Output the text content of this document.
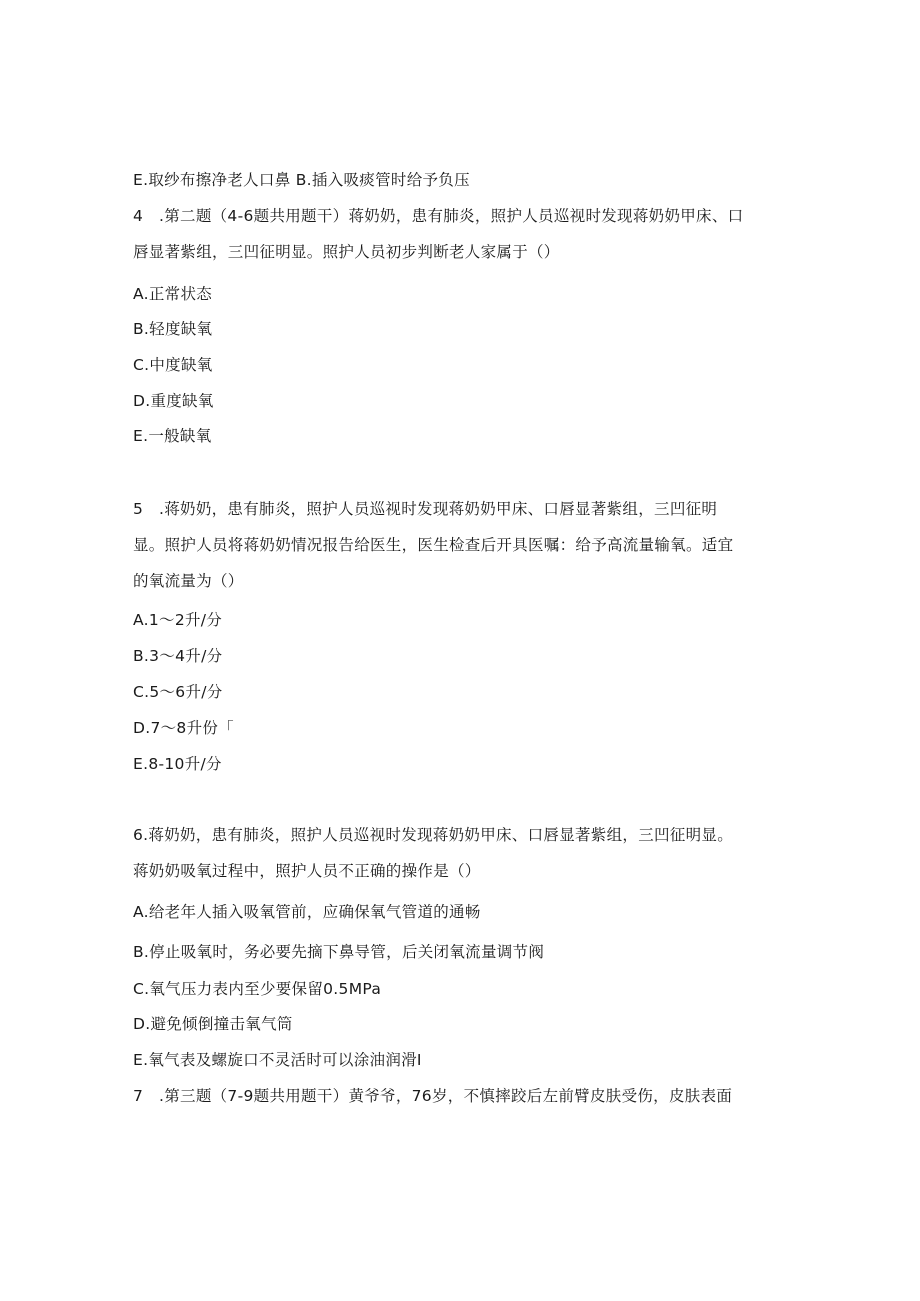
E.取纱布擦净老人口鼻 B.插入吸痰管时给予负压
4 .第二题（4-6题共用题干）蒋奶奶，患有肺炎，照护人员巡视时发现蒋奶奶甲床、口
唇显著紫组，三凹征明显。照护人员初步判断老人家属于（）
A.正常状态
B.轻度缺氧
C.中度缺氧
D.重度缺氧
E.一般缺氧
5 .蒋奶奶，患有肺炎，照护人员巡视时发现蒋奶奶甲床、口唇显著紫组，三凹征明
显。照护人员将蒋奶奶情况报告给医生，医生检查后开具医嘱：给予高流量输氧。适宜
的氧流量为（）
A.1～2升/分
B.3～4升/分
C.5～6升/分
D.7～8升份「
E.8-10升/分
6.蒋奶奶，患有肺炎，照护人员巡视时发现蒋奶奶甲床、口唇显著紫组，三凹征明显。
蒋奶奶吸氧过程中，照护人员不正确的操作是（）
A.给老年人插入吸氧管前，应确保氧气管道的通畅
B.停止吸氧时，务必要先摘下鼻导管，后关闭氧流量调节阀
C.氧气压力表内至少要保留0.5MPa
D.避免倾倒撞击氧气筒
E.氧气表及螺旋口不灵活时可以涂油润滑I
7 .第三题（7-9题共用题干）黄爷爷，76岁，不慎摔跤后左前臂皮肤受伤，皮肤表面
